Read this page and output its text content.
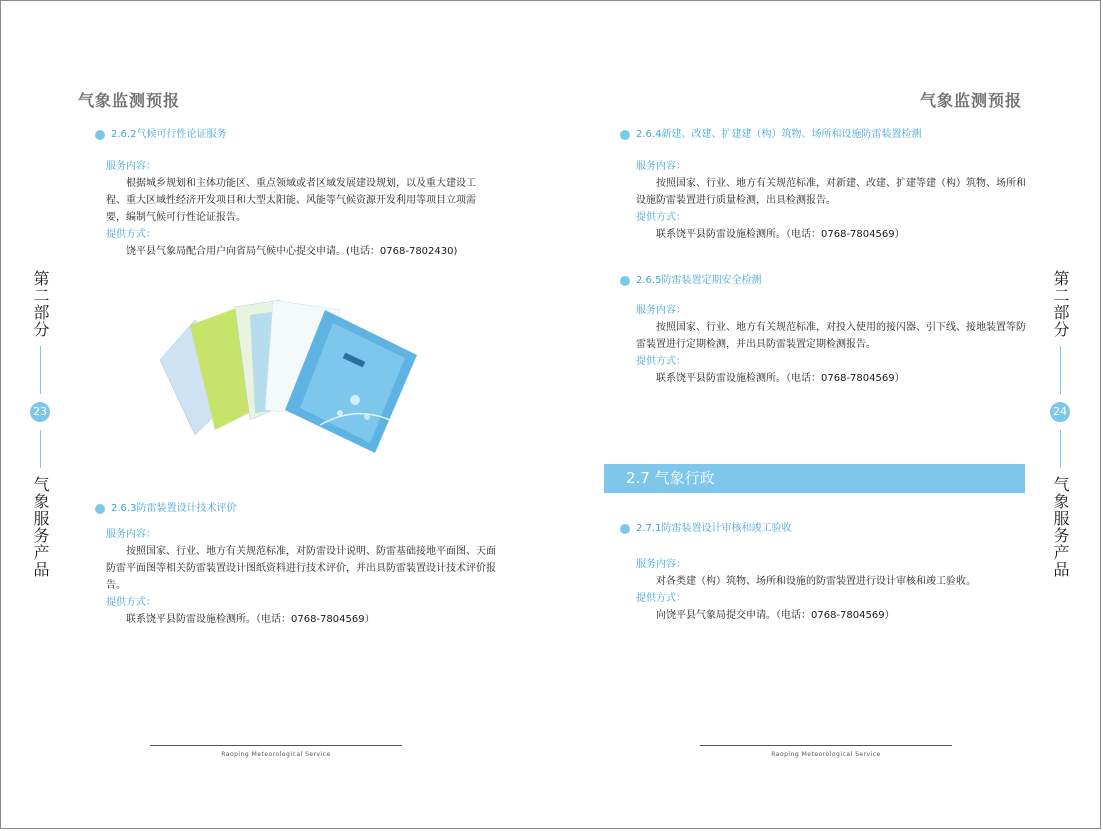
气象监测预报	气象监测预报
第二部分
23
气象服务产品
第二部分
24
气象服务产品
2.6.2气候可行性论证服务
服务内容：
根据城乡规划和主体功能区、重点领域或者区域发展建设规划，以及重大建设工程、重大区域性经济开发项目和大型太阳能、风能等气候资源开发利用等项目立项需要，编制气候可行性论证报告。
提供方式：
饶平县气象局配合用户向省局气候中心提交申请。(电话：0768-7802430)
2.6.3防雷装置设计技术评价
服务内容：
按照国家、行业、地方有关规范标准，对防雷设计说明、防雷基础接地平面图、天面防雷平面图等相关防雷装置设计图纸资料进行技术评价，并出具防雷装置设计技术评价报告。
提供方式：
联系饶平县防雷设施检测所。（电话：0768-7804569）
2.6.4新建、改建、扩建建（构）筑物、场所和设施防雷装置检测
服务内容：
按照国家、行业、地方有关规范标准，对新建、改建、扩建等建（构）筑物、场所和设施防雷装置进行质量检测，出具检测报告。
提供方式：
联系饶平县防雷设施检测所。（电话：0768-7804569）
2.6.5防雷装置定期安全检测
服务内容：
按照国家、行业、地方有关规范标准，对投入使用的接闪器、引下线、接地装置等防雷装置进行定期检测，并出具防雷装置定期检测报告。
提供方式：
联系饶平县防雷设施检测所。（电话：0768-7804569）
2.7 气象行政
2.7.1防雷装置设计审核和竣工验收
服务内容：
对各类建（构）筑物、场所和设施的防雷装置进行设计审核和竣工验收。
提供方式：
向饶平县气象局提交申请。（电话：0768-7804569）
Raoping Meteorological Service	Raoping Meteorological Service
